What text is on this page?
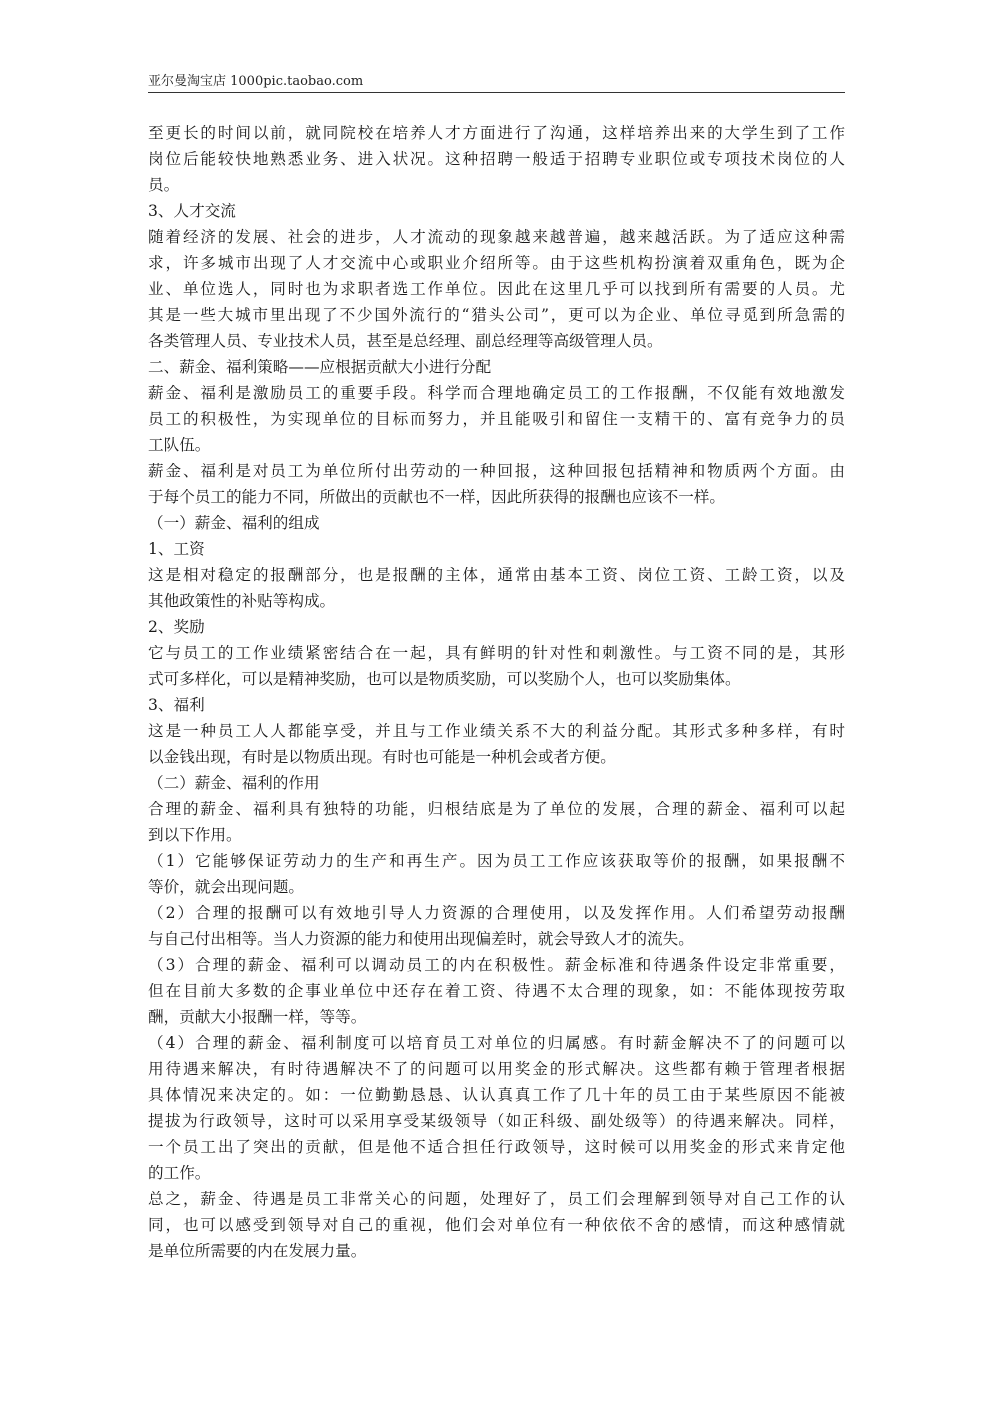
亚尔曼淘宝店 1000pic.taobao.com
至更长的时间以前，就同院校在培养人才方面进行了沟通，这样培养出来的大学生到了工作
岗位后能较快地熟悉业务、进入状况。这种招聘一般适于招聘专业职位或专项技术岗位的人
员。
3、人才交流
随着经济的发展、社会的进步，人才流动的现象越来越普遍，越来越活跃。为了适应这种需
求，许多城市出现了人才交流中心或职业介绍所等。由于这些机构扮演着双重角色，既为企
业、单位选人，同时也为求职者选工作单位。因此在这里几乎可以找到所有需要的人员。尤
其是一些大城市里出现了不少国外流行的“猎头公司”，更可以为企业、单位寻觅到所急需的
各类管理人员、专业技术人员，甚至是总经理、副总经理等高级管理人员。
二、薪金、福利策略——应根据贡献大小进行分配
薪金、福利是激励员工的重要手段。科学而合理地确定员工的工作报酬，不仅能有效地激发
员工的积极性，为实现单位的目标而努力，并且能吸引和留住一支精干的、富有竞争力的员
工队伍。
薪金、福利是对员工为单位所付出劳动的一种回报，这种回报包括精神和物质两个方面。由
于每个员工的能力不同，所做出的贡献也不一样，因此所获得的报酬也应该不一样。
（一）薪金、福利的组成
1、工资
这是相对稳定的报酬部分，也是报酬的主体，通常由基本工资、岗位工资、工龄工资，以及
其他政策性的补贴等构成。
2、奖励
它与员工的工作业绩紧密结合在一起，具有鲜明的针对性和刺激性。与工资不同的是，其形
式可多样化，可以是精神奖励，也可以是物质奖励，可以奖励个人，也可以奖励集体。
3、福利
这是一种员工人人都能享受，并且与工作业绩关系不大的利益分配。其形式多种多样，有时
以金钱出现，有时是以物质出现。有时也可能是一种机会或者方便。
（二）薪金、福利的作用
合理的薪金、福利具有独特的功能，归根结底是为了单位的发展，合理的薪金、福利可以起
到以下作用。
（1）它能够保证劳动力的生产和再生产。因为员工工作应该获取等价的报酬，如果报酬不
等价，就会出现问题。
（2）合理的报酬可以有效地引导人力资源的合理使用，以及发挥作用。人们希望劳动报酬
与自己付出相等。当人力资源的能力和使用出现偏差时，就会导致人才的流失。
（3）合理的薪金、福利可以调动员工的内在积极性。薪金标准和待遇条件设定非常重要，
但在目前大多数的企事业单位中还存在着工资、待遇不太合理的现象，如：不能体现按劳取
酬，贡献大小报酬一样，等等。
（4）合理的薪金、福利制度可以培育员工对单位的归属感。有时薪金解决不了的问题可以
用待遇来解决，有时待遇解决不了的问题可以用奖金的形式解决。这些都有赖于管理者根据
具体情况来决定的。如：一位勤勤恳恳、认认真真工作了几十年的员工由于某些原因不能被
提拔为行政领导，这时可以采用享受某级领导（如正科级、副处级等）的待遇来解决。同样，
一个员工出了突出的贡献，但是他不适合担任行政领导，这时候可以用奖金的形式来肯定他
的工作。
总之，薪金、待遇是员工非常关心的问题，处理好了，员工们会理解到领导对自己工作的认
同，也可以感受到领导对自己的重视，他们会对单位有一种依依不舍的感情，而这种感情就
是单位所需要的内在发展力量。
